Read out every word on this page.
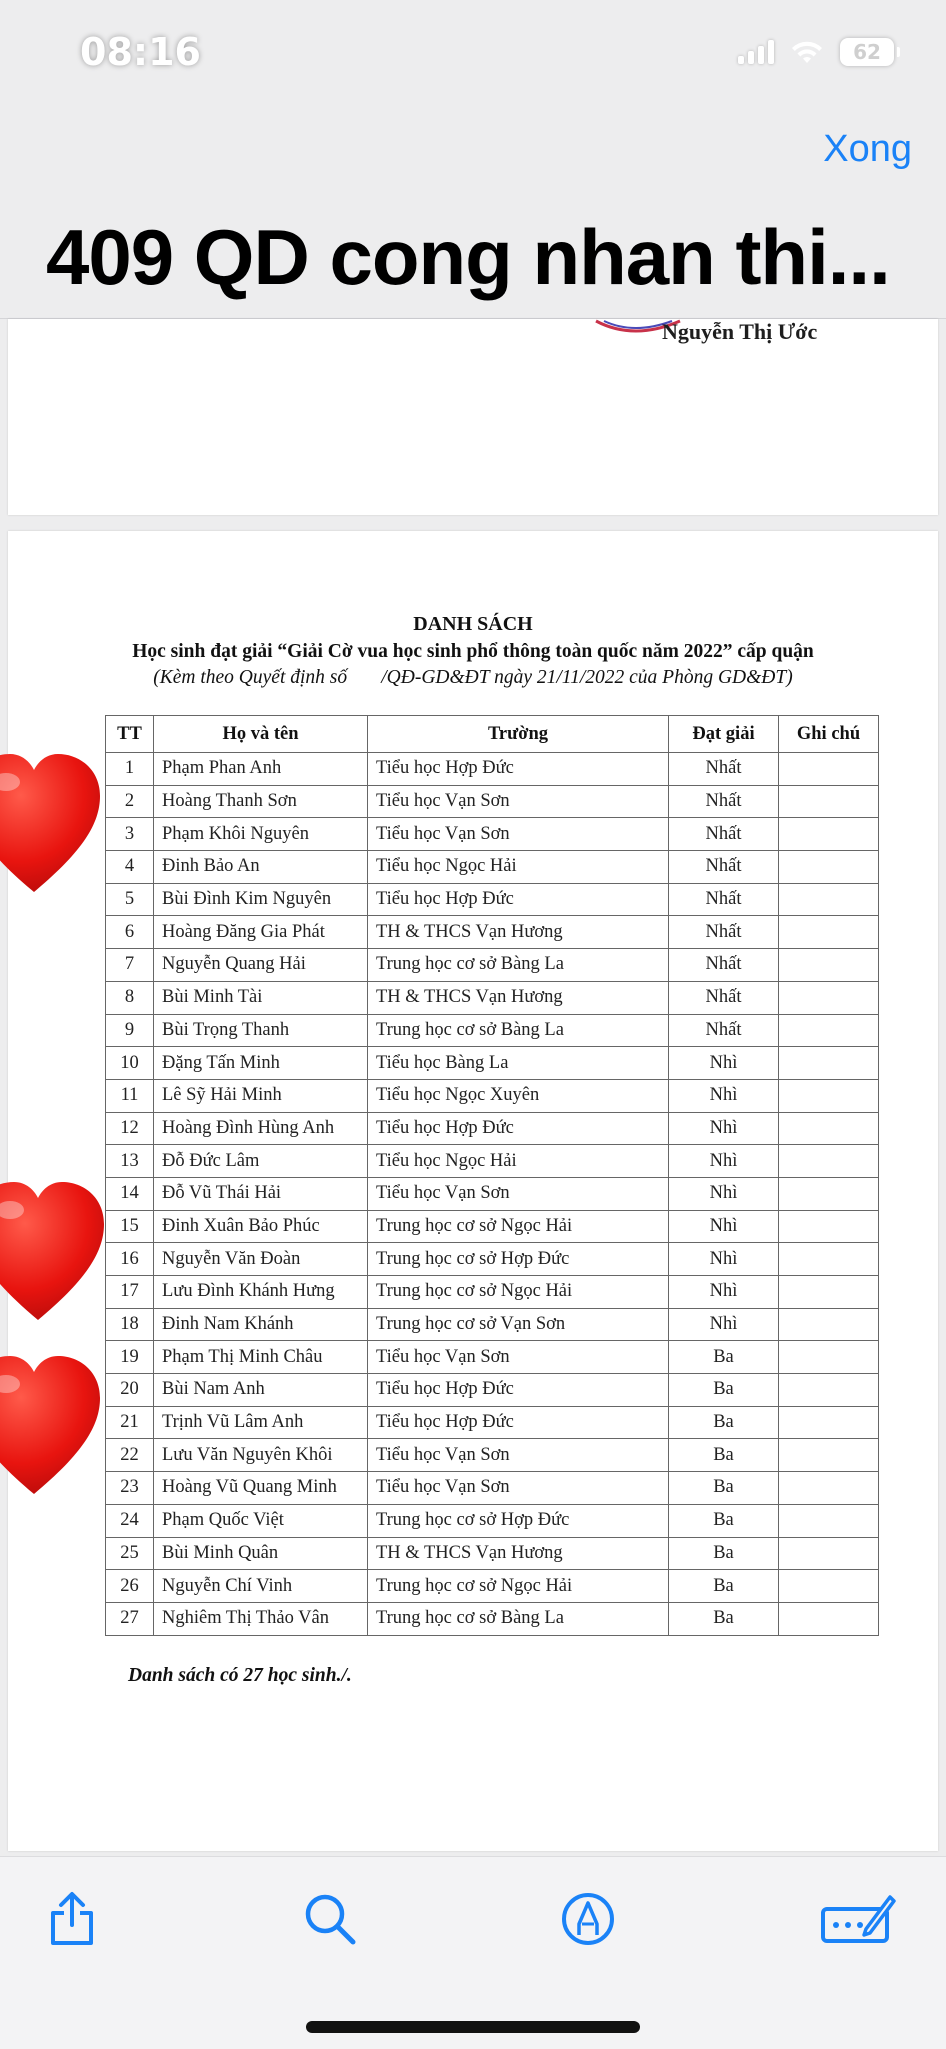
08:16	62
Xong
409 QD cong nhan thi...
Nguyễn Thị Ước
DANH SÁCH
Học sinh đạt giải “Giải Cờ vua học sinh phổ thông toàn quốc năm 2022” cấp quận
(Kèm theo Quyết định số       /QĐ-GD&ĐT ngày 21/11/2022 của Phòng GD&ĐT)
TT	Họ và tên	Trường	Đạt giải	Ghi chú
1	Phạm Phan Anh	Tiểu học Hợp Đức	Nhất	
2	Hoàng Thanh Sơn	Tiểu học Vạn Sơn	Nhất	
3	Phạm Khôi Nguyên	Tiểu học Vạn Sơn	Nhất	
4	Đinh Bảo An	Tiểu học Ngọc Hải	Nhất	
5	Bùi Đình Kim Nguyên	Tiểu học Hợp Đức	Nhất	
6	Hoàng Đăng Gia Phát	TH & THCS Vạn Hương	Nhất	
7	Nguyễn Quang Hải	Trung học cơ sở Bàng La	Nhất	
8	Bùi Minh Tài	TH & THCS Vạn Hương	Nhất	
9	Bùi Trọng Thanh	Trung học cơ sở Bàng La	Nhất	
10	Đặng Tấn Minh	Tiểu học Bàng La	Nhì	
11	Lê Sỹ Hải Minh	Tiểu học Ngọc Xuyên	Nhì	
12	Hoàng Đình Hùng Anh	Tiểu học Hợp Đức	Nhì	
13	Đỗ Đức Lâm	Tiểu học Ngọc Hải	Nhì	
14	Đỗ Vũ Thái Hải	Tiểu học Vạn Sơn	Nhì	
15	Đinh Xuân Bảo Phúc	Trung học cơ sở Ngọc Hải	Nhì	
16	Nguyễn Văn Đoàn	Trung học cơ sở Hợp Đức	Nhì	
17	Lưu Đình Khánh Hưng	Trung học cơ sở Ngọc Hải	Nhì	
18	Đinh Nam Khánh	Trung học cơ sở Vạn Sơn	Nhì	
19	Phạm Thị Minh Châu	Tiểu học Vạn Sơn	Ba	
20	Bùi Nam Anh	Tiểu học Hợp Đức	Ba	
21	Trịnh Vũ Lâm Anh	Tiểu học Hợp Đức	Ba	
22	Lưu Văn Nguyên Khôi	Tiểu học Vạn Sơn	Ba	
23	Hoàng Vũ Quang Minh	Tiểu học Vạn Sơn	Ba	
24	Phạm Quốc Việt	Trung học cơ sở Hợp Đức	Ba	
25	Bùi Minh Quân	TH & THCS Vạn Hương	Ba	
26	Nguyễn Chí Vinh	Trung học cơ sở Ngọc Hải	Ba	
27	Nghiêm Thị Thảo Vân	Trung học cơ sở Bàng La	Ba	
Danh sách có 27 học sinh./.
